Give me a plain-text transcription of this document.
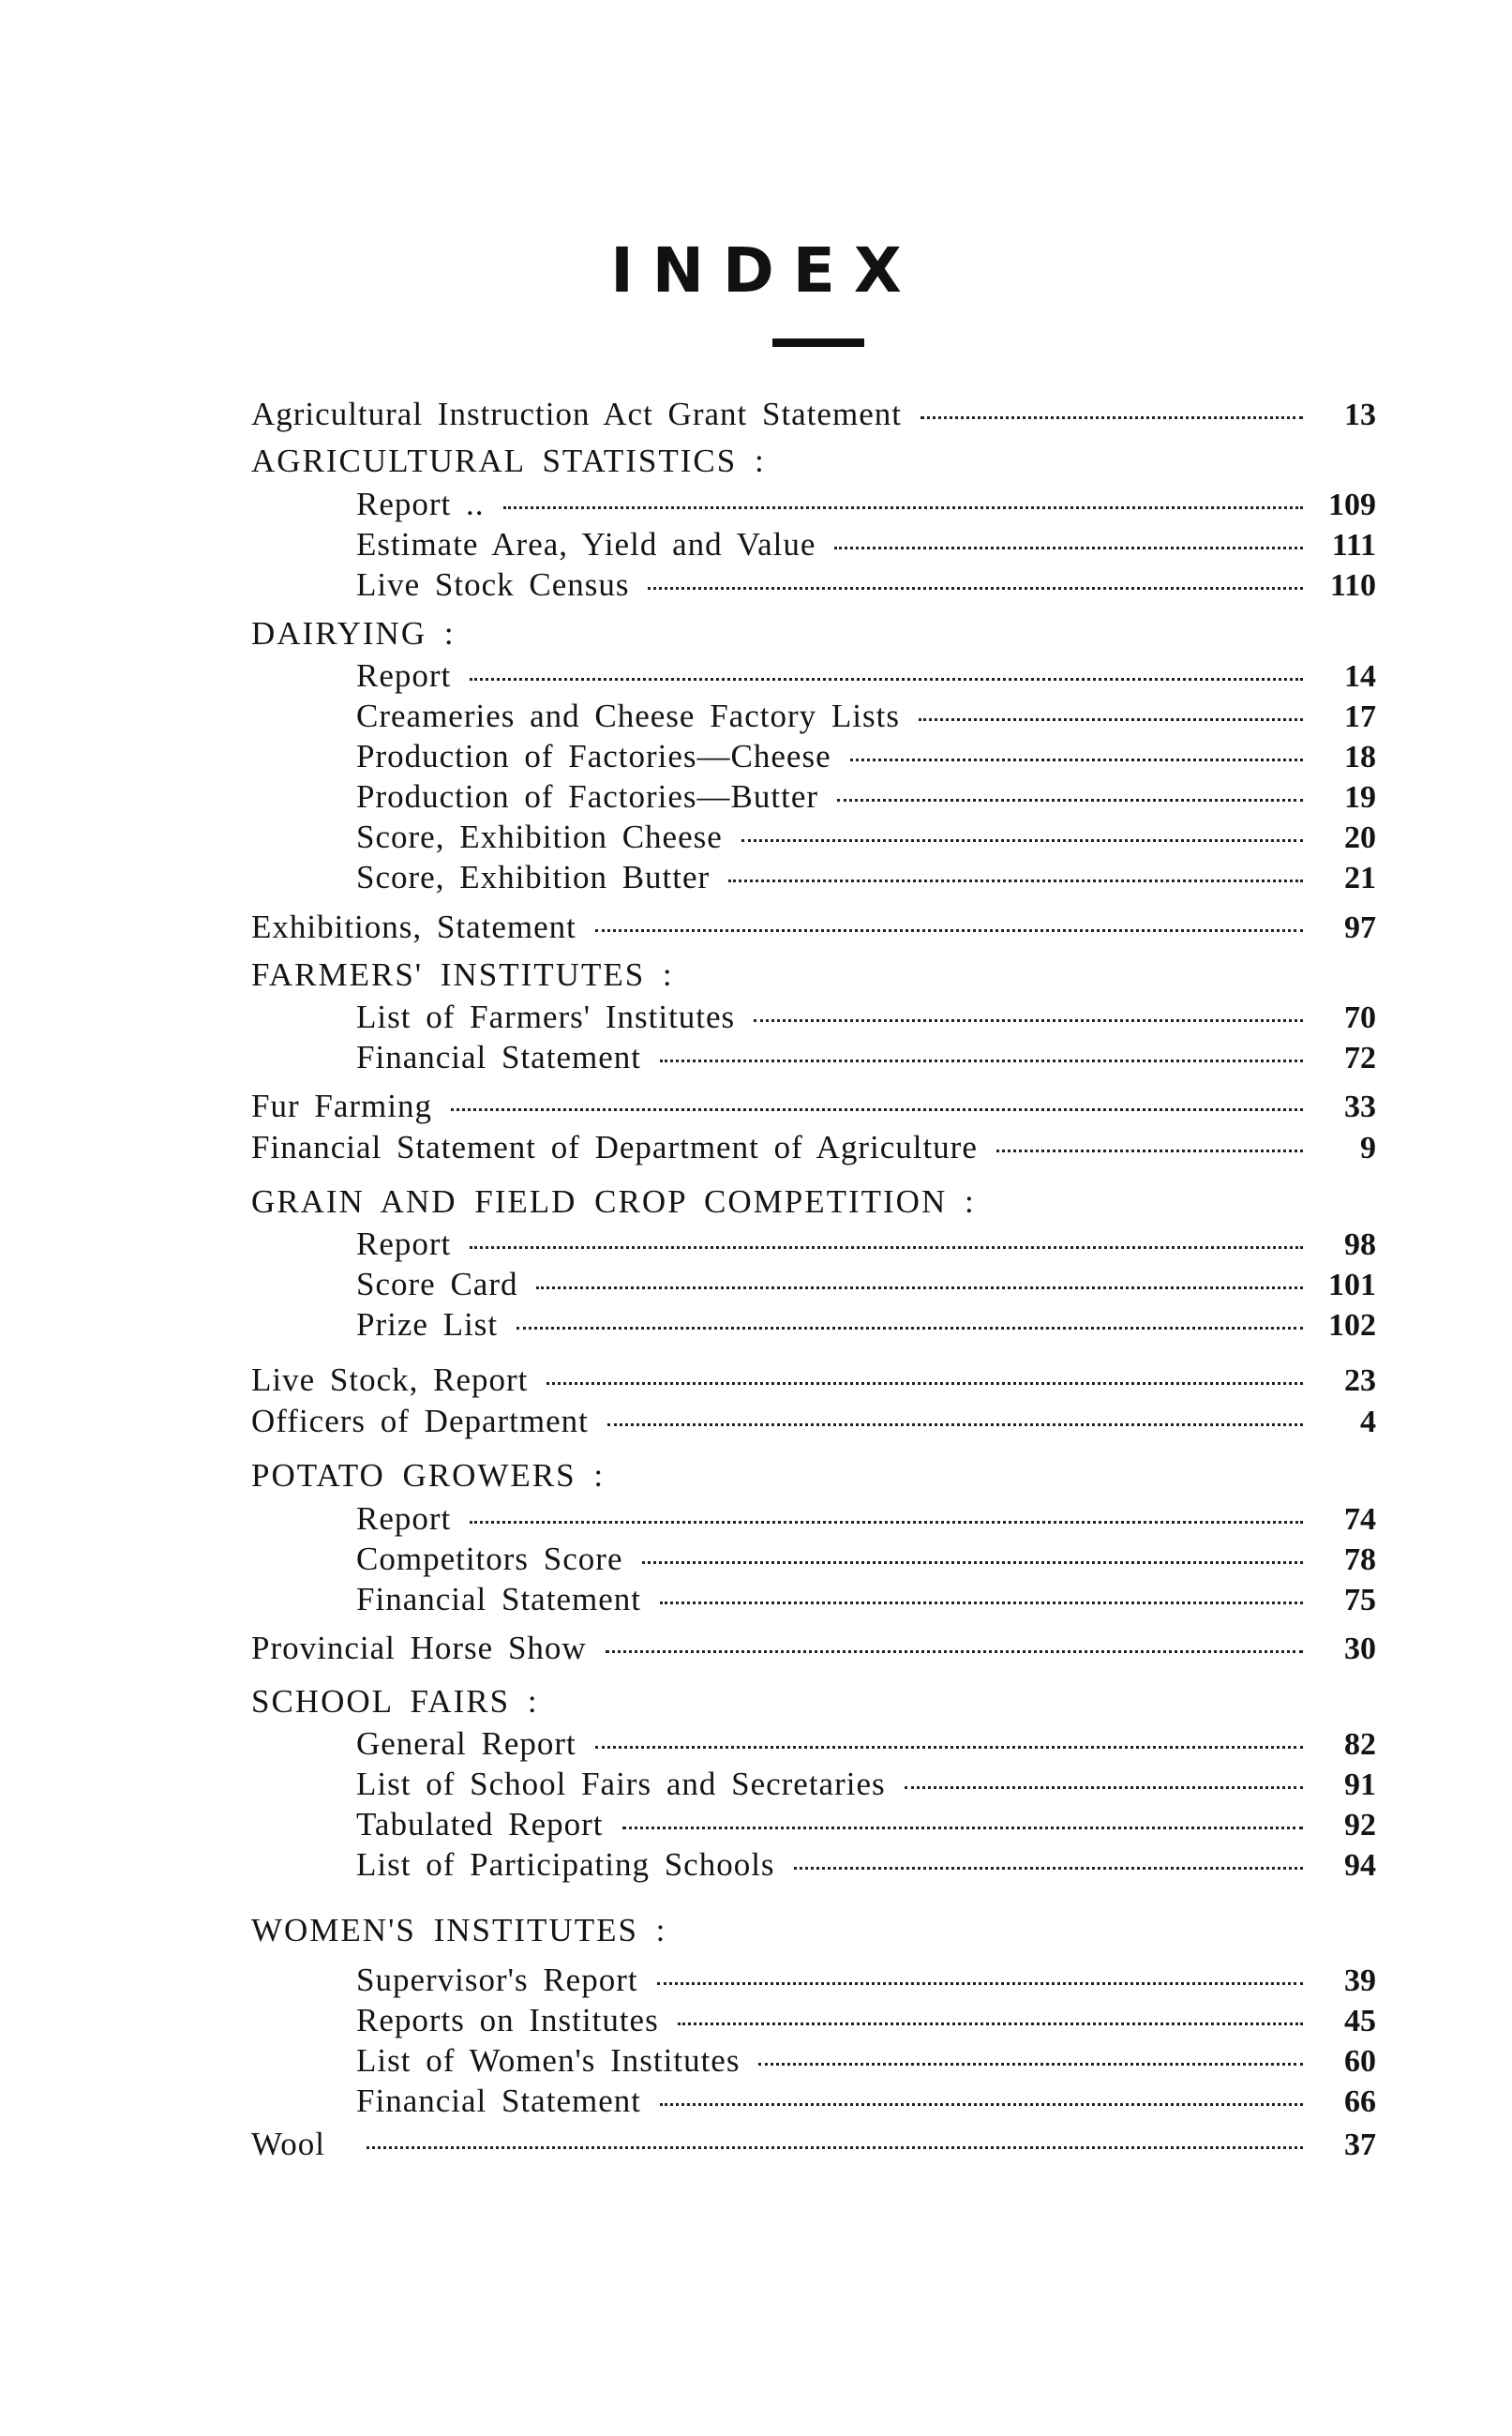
INDEX
Agricultural Instruction Act Grant Statement	13
AGRICULTURAL STATISTICS :
Report ..	109
Estimate Area, Yield and Value	111
Live Stock Census	110
DAIRYING :
Report	14
Creameries and Cheese Factory Lists	17
Production of Factories—Cheese	18
Production of Factories—Butter	19
Score, Exhibition Cheese	20
Score, Exhibition Butter	21
Exhibitions, Statement	97
FARMERS' INSTITUTES :
List of Farmers' Institutes	70
Financial Statement	72
Fur Farming	33
Financial Statement of Department of Agriculture	9
GRAIN AND FIELD CROP COMPETITION :
Report	98
Score Card	101
Prize List	102
Live Stock, Report	23
Officers of Department	4
POTATO GROWERS :
Report	74
Competitors Score	78
Financial Statement	75
Provincial Horse Show	30
SCHOOL FAIRS :
General Report	82
List of School Fairs and Secretaries	91
Tabulated Report	92
List of Participating Schools	94
WOMEN'S INSTITUTES :
Supervisor's Report	39
Reports on Institutes	45
List of Women's Institutes	60
Financial Statement	66
Wool	37
